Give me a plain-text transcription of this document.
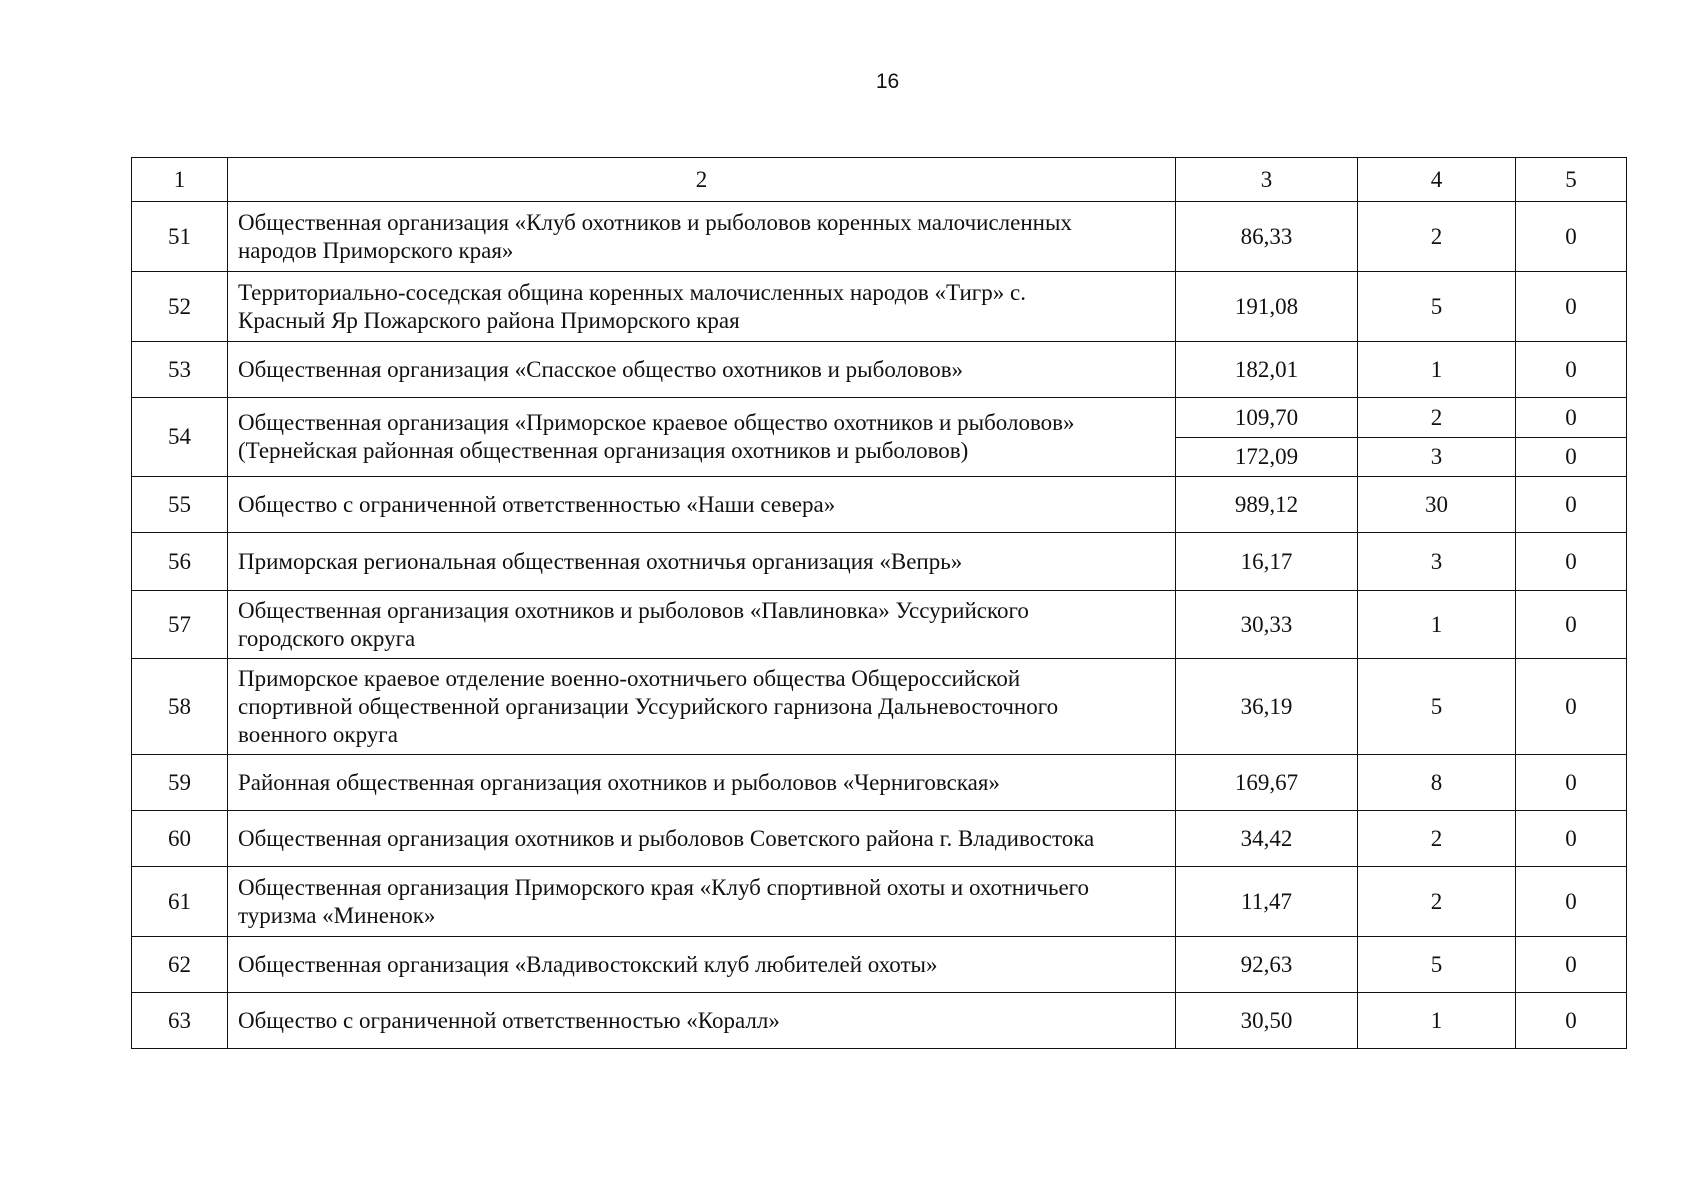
16
1	2	3	4	5
51	Общественная организация «Клуб охотников и рыболовов коренных малочисленных
народов Приморского края»	86,33	2	0
52	Территориально-соседская община коренных малочисленных народов «Тигр» с.
Красный Яр Пожарского района Приморского края	191,08	5	0
53	Общественная организация «Спасское общество охотников и рыболовов»	182,01	1	0
54	Общественная организация «Приморское краевое общество охотников и рыболовов»
(Тернейская районная общественная организация охотников и рыболовов)	109,70	2	0
		172,09	3	0
55	Общество с ограниченной ответственностью «Наши севера»	989,12	30	0
56	Приморская региональная общественная охотничья организация «Вепрь»	16,17	3	0
57	Общественная организация охотников и рыболовов «Павлиновка» Уссурийского
городского округа	30,33	1	0
58	Приморское краевое отделение военно-охотничьего общества Общероссийской
спортивной общественной организации Уссурийского гарнизона Дальневосточного
военного округа	36,19	5	0
59	Районная общественная организация охотников и рыболовов «Черниговская»	169,67	8	0
60	Общественная организация охотников и рыболовов Советского района г. Владивостока	34,42	2	0
61	Общественная организация Приморского края «Клуб спортивной охоты и охотничьего
туризма «Миненок»	11,47	2	0
62	Общественная организация «Владивостокский клуб любителей охоты»	92,63	5	0
63	Общество с ограниченной ответственностью «Коралл»	30,50	1	0
